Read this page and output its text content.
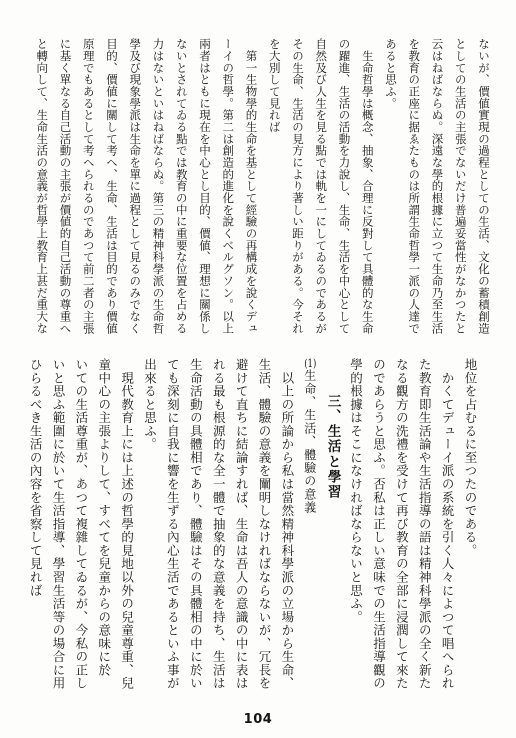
ないが、價値實現の過程としての生活、文化の蓄積創造
としての生活の主張でないだけ普遍妥當性がなかつたと
云はねばならぬ。深遠な學的根據に立つて生命乃至生活
を教育の正座に据ゑたものは所謂生命哲學一派の人達で
あると思ふ。
　生命哲學は概念、抽象、合理に反對して具體的な生命
の躍進、生活の活動を力說し、生命、生活を中心として
自然及び人生を見る點では軌を一にしてゐるのであるが
その生命、生活の見方により著しい距りがある。今それ
を大別して見れば
　第一生物學的生命を基として經驗の再構成を說くデュ
ーイの哲學。第二は創造的進化を說くベルグソン。以上
兩者はともに現在を中心とし目的、價値、理想に關係し
ないとされてゐる點では教育の中に重要な位置を占める
力はないといはねばならぬ。第三の精神科學派の生命哲
學及び現象學派は生命を單に過程として見るのみでなく
目的、價値に關して考へ、生命、生活は目的であり價値
原理でもあるとして考へられるのであつて前二者の主張
に基く單なる自己活動の主張が價値的自己活動の尊重へ
と轉向して、生命生活の意義が哲學上教育上甚だ重大な
地位を占むるに至つたのである。
　かくてデューイ派の系統を引く人々によつて唱へられ
た教育即生活論や生活指導の語は精神科學派の全く新た
なる觀方の洗禮を受けて再び教育の全部に浸潤して來た
のであらうと思ふ。否私は正しい意味での生活指導觀の
學的根據はそこになければならないと思ふ。
三、生活と學習
(1)生命、生活、體驗の意義
　以上の所論から私は當然精神科學派の立場から生命、
生活、體驗の意義を闡明しなければならないが、冗長を
避けて直ちに結論すれば、生命は吾人の意識の中に表は
れる最も根源的な全一體で抽象的な意義を持ち、生活は
生命活動の具體相であり、體驗はその具體相の中に於い
ても深刻に自我に響を生ずる內心生活であるといふ事が
出來ると思ふ。
　現代教育上には上述の哲學的見地以外の兒童尊重、兒
童中心の主張よりして、すべてを兒童からの意味に於
いての生活尊重が、あつて複雜してゐるが、今私の正し
いと思ふ範圍に於いて生活指導、學習生活等の場合に用
ひらるべき生活の內容を省察して見れば
104
